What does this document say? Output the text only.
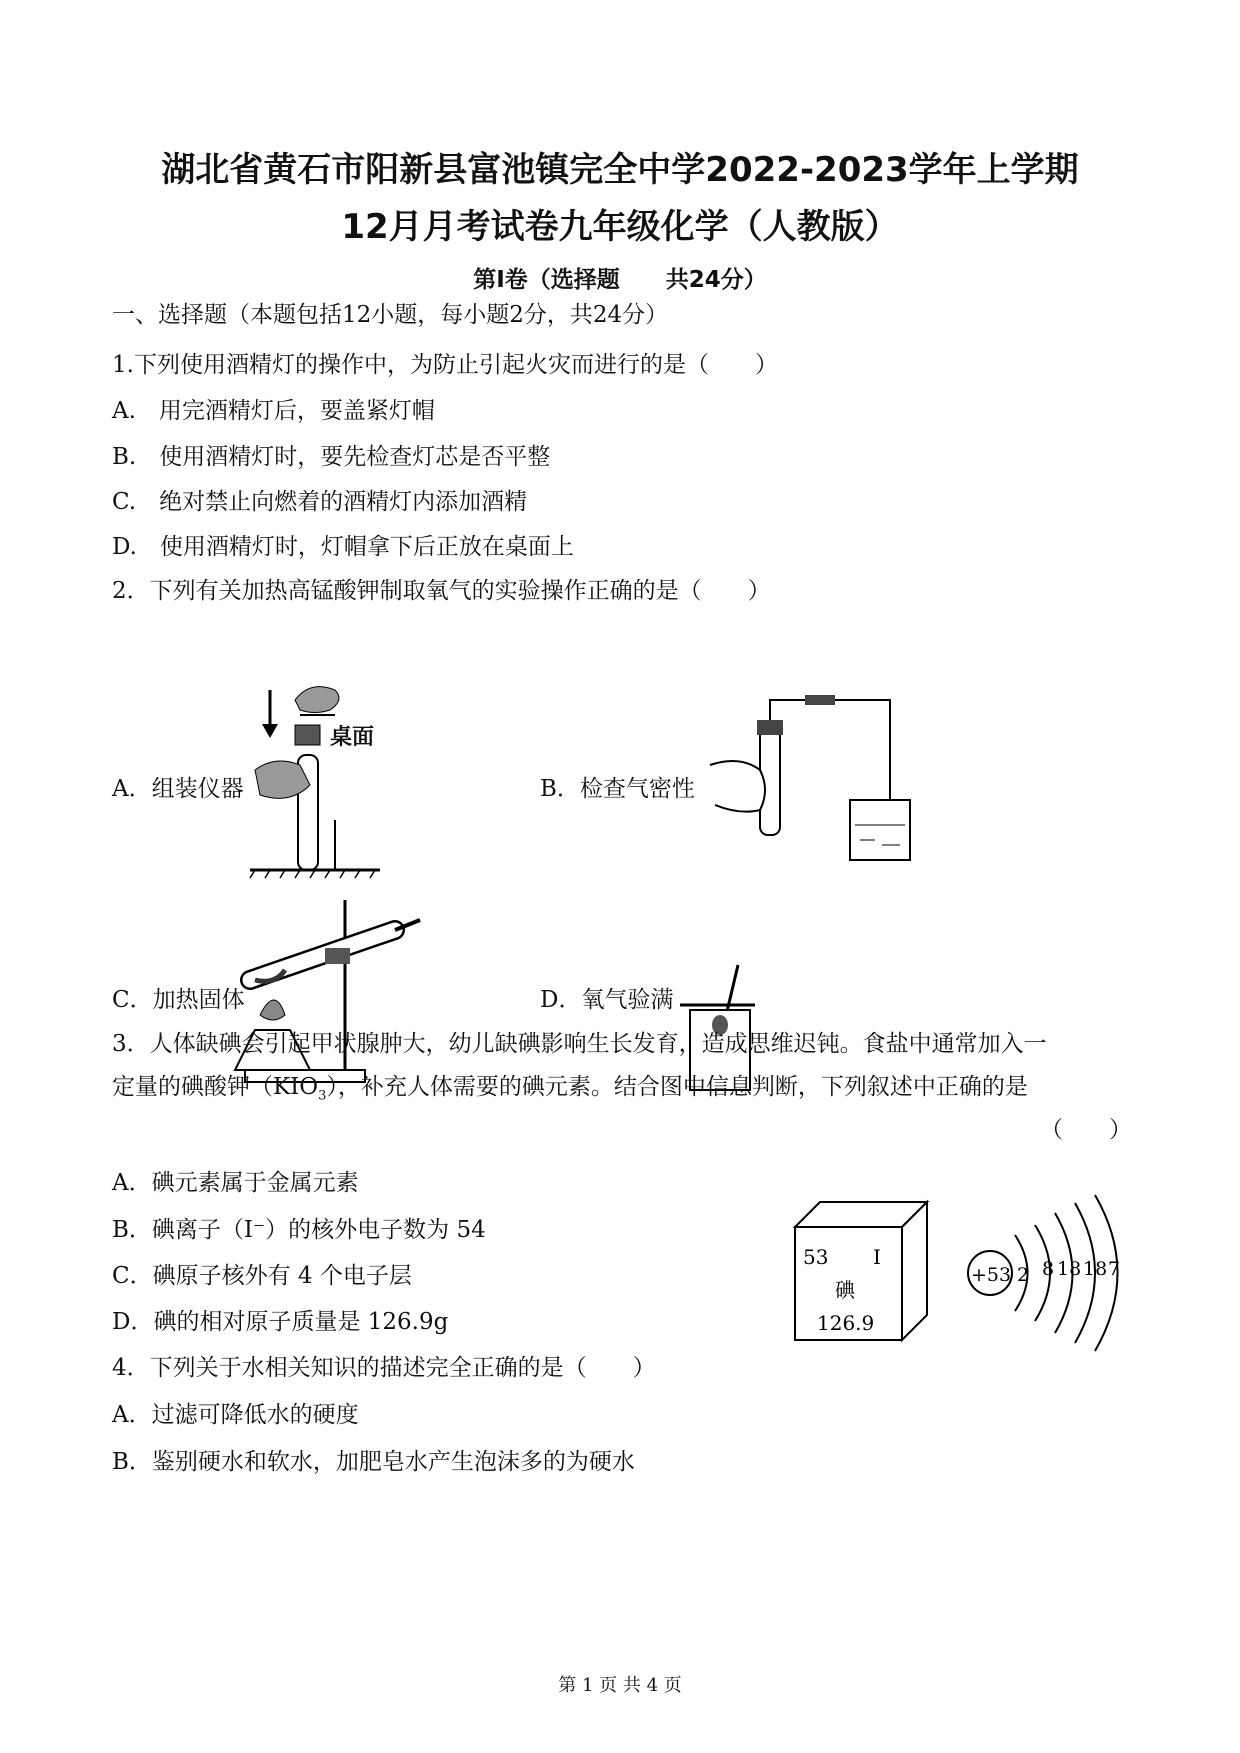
湖北省黄石市阳新县富池镇完全中学2022-2023学年上学期
12月月考试卷九年级化学（人教版）
第Ⅰ卷（选择题　　共24分）
一、选择题（本题包括12小题，每小题2分，共24分）
1.下列使用酒精灯的操作中，为防止引起火灾而进行的是（　　）
A.　用完酒精灯后，要盖紧灯帽
B.　使用酒精灯时，要先检查灯芯是否平整
C.　绝对禁止向燃着的酒精灯内添加酒精
D.　使用酒精灯时，灯帽拿下后正放在桌面上
2．下列有关加热高锰酸钾制取氧气的实验操作正确的是（　　）
桌面
A．组装仪器	B．检查气密性
C．加热固体	D．氧气验满
3．人体缺碘会引起甲状腺肿大，幼儿缺碘影响生长发育，造成思维迟钝。食盐中通常加入一
定量的碘酸钾$(KIO_3)$，补充人体需要的碘元素。结合图中信息判断，下列叙述中正确的是
（　　）
A．碘元素属于金属元素
B．碘离子（I⁻）的核外电子数为 54
C．碘原子核外有 4 个电子层
D．碘的相对原子质量是 126.9g
53 I
碘
126.9
+53 2 8 18 18 7
4．下列关于水相关知识的描述完全正确的是（　　）
A．过滤可降低水的硬度
B．鉴别硬水和软水，加肥皂水产生泡沫多的为硬水
第 1 页 共 4 页
